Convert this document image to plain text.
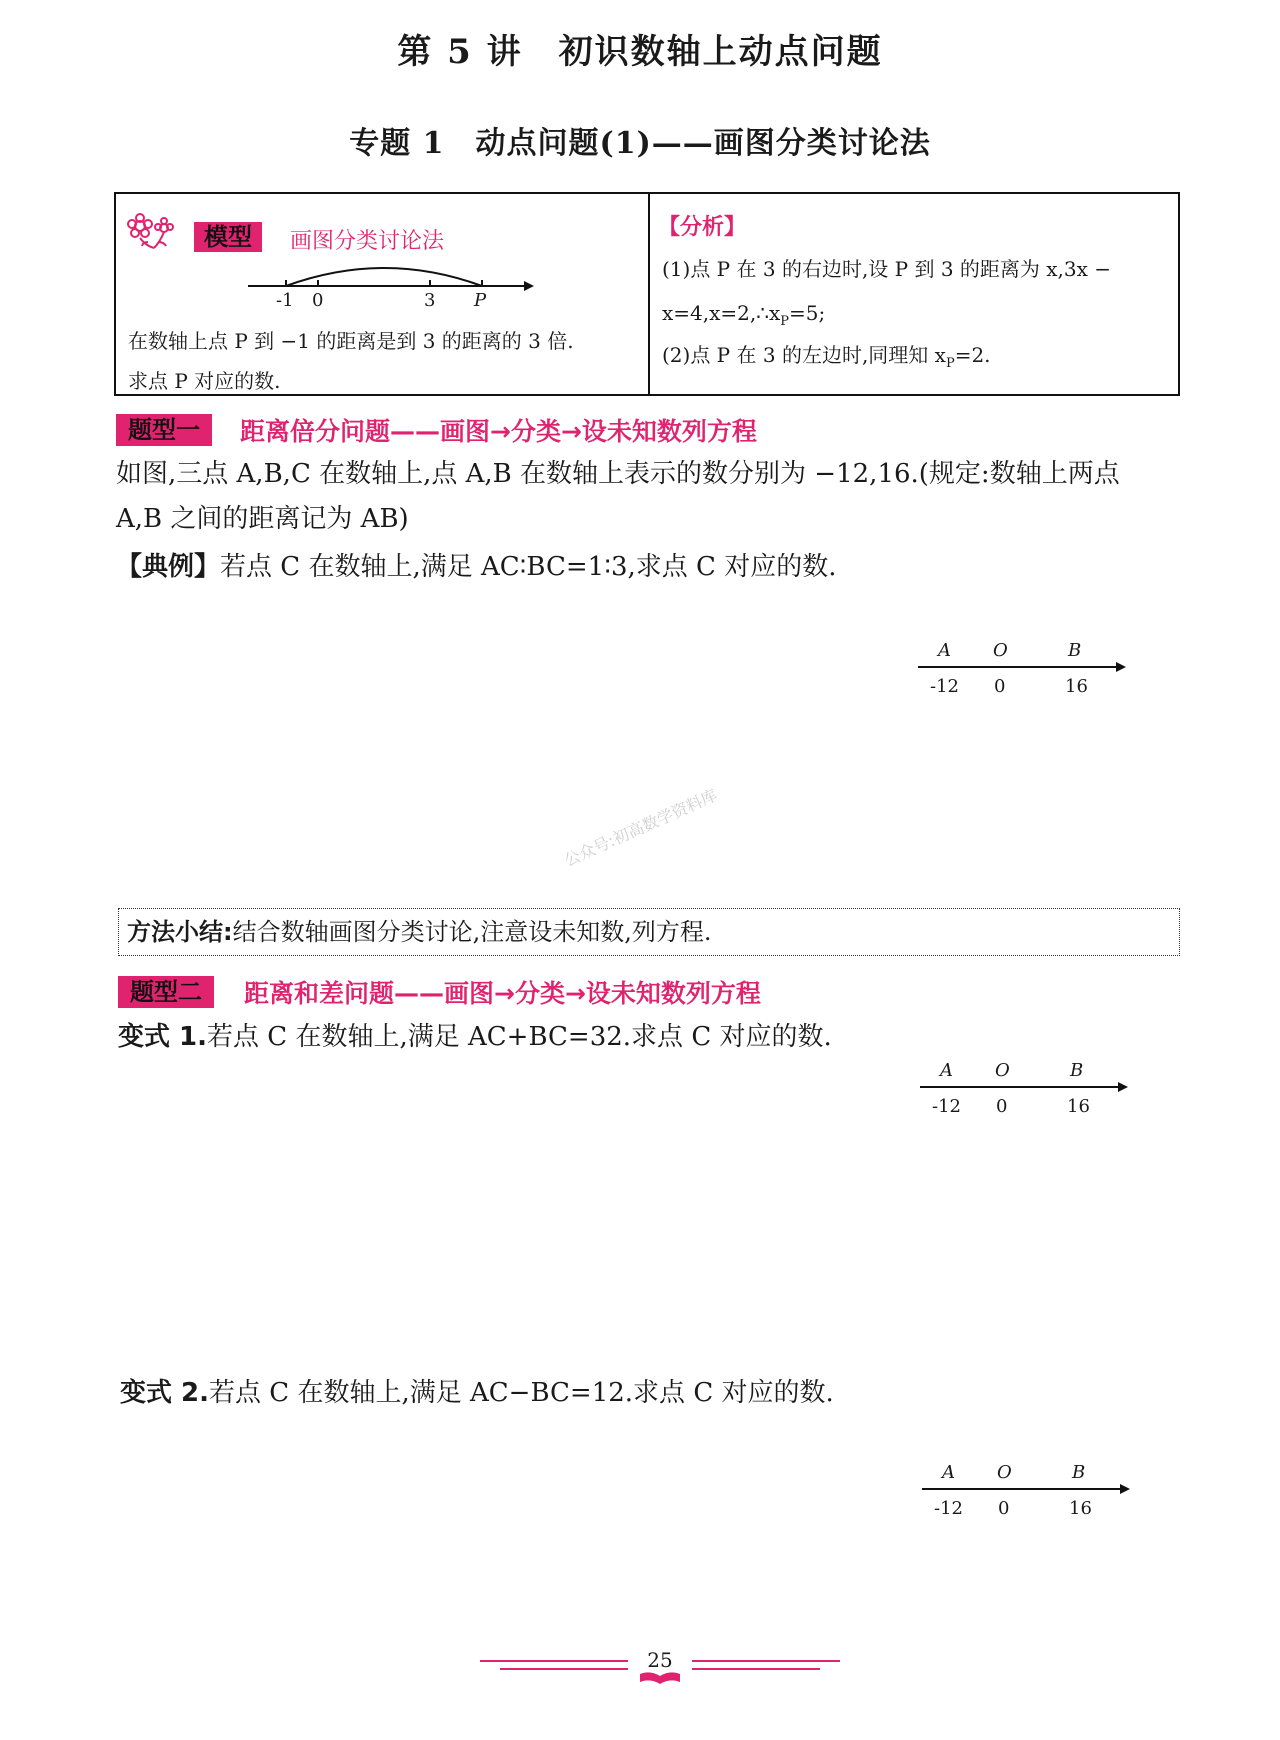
第 5 讲　初识数轴上动点问题
专题 1　动点问题(1)——画图分类讨论法
模型	画图分类讨论法
-1 0	3 P
在数轴上点 P 到 −1 的距离是到 3 的距离的 3 倍.
求点 P 对应的数.
【分析】
(1)点 P 在 3 的右边时,设 P 到 3 的距离为 x,3x −
$x=4,x=2,\therefore x_P=5$;
(2)点 P 在 3 的左边时,同理知 $x_P=2$.
题型一	距离倍分问题——画图→分类→设未知数列方程
如图,三点 A,B,C 在数轴上,点 A,B 在数轴上表示的数分别为 −12,16.(规定:数轴上两点
A,B 之间的距离记为 AB)
【典例】若点 C 在数轴上,满足 AC∶BC=1∶3,求点 C 对应的数.
A O	B
-12 0	16
公众号:初高数学资料库
方法小结:结合数轴画图分类讨论,注意设未知数,列方程.
题型二	距离和差问题——画图→分类→设未知数列方程
变式 1.若点 C 在数轴上,满足 AC+BC=32.求点 C 对应的数.
A O	B
-12 0	16
变式 2.若点 C 在数轴上,满足 AC−BC=12.求点 C 对应的数.
A O	B
-12 0	16
25
